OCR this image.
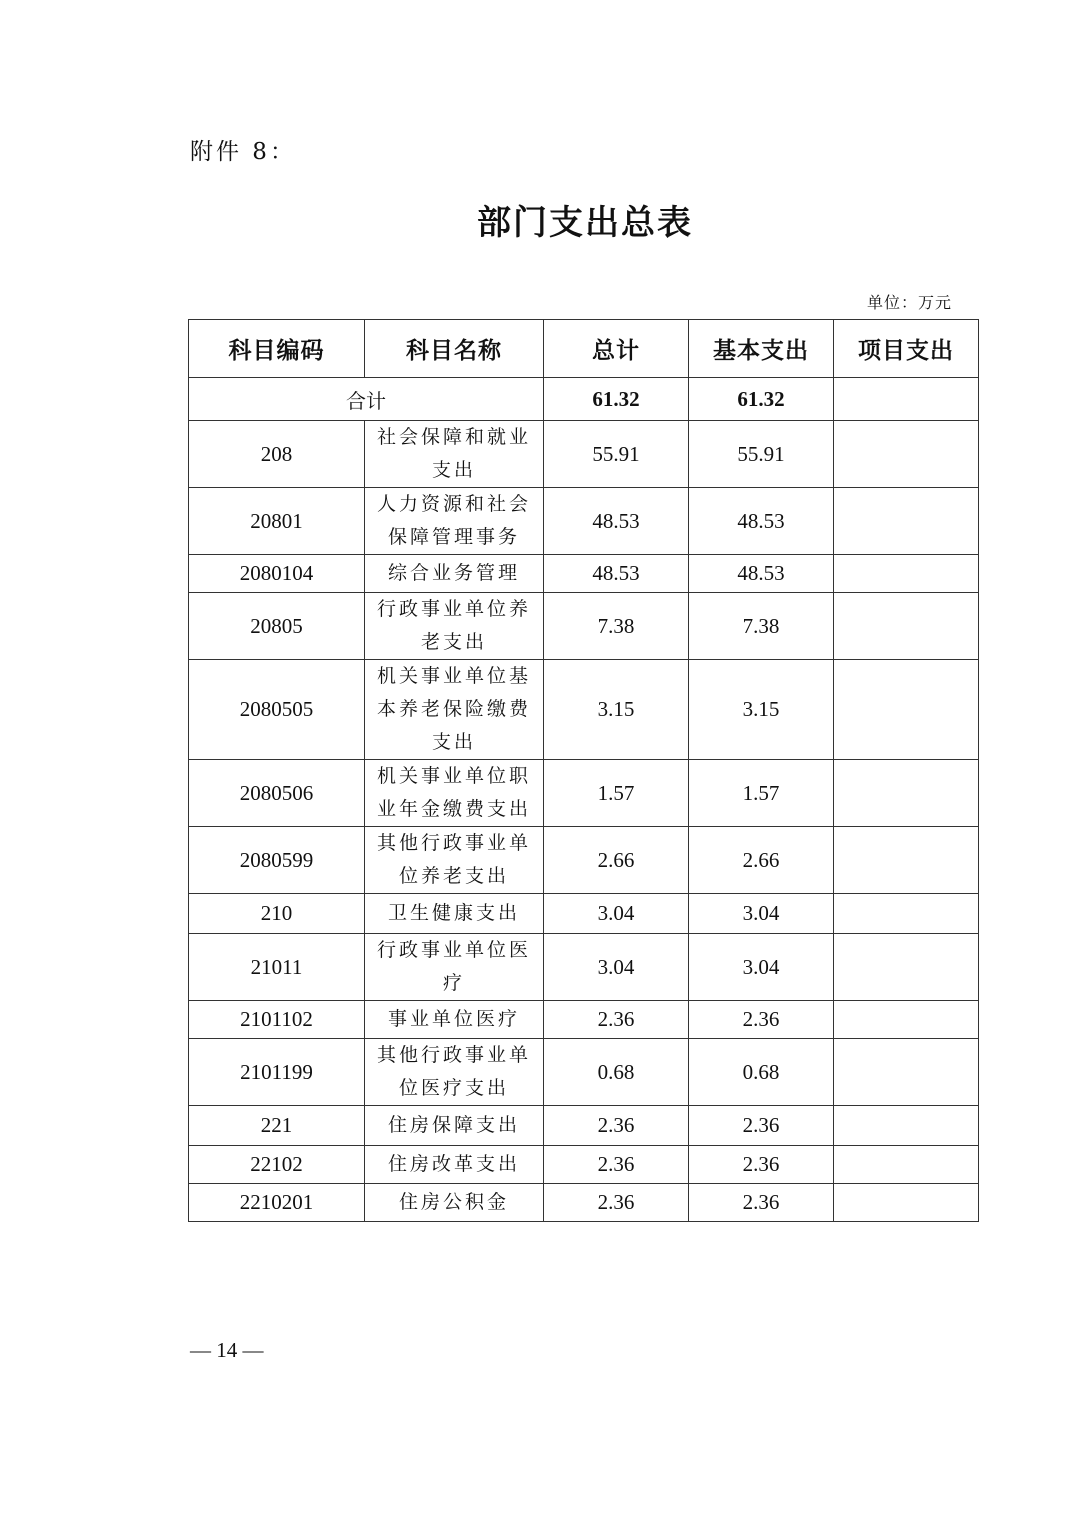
附件 8：
部门支出总表
单位：万元
科目编码	科目名称	总计	基本支出	项目支出
合计		61.32	61.32	
208	社会保障和就业支出	55.91	55.91	
20801	人力资源和社会保障管理事务	48.53	48.53	
2080104	综合业务管理	48.53	48.53	
20805	行政事业单位养老支出	7.38	7.38	
2080505	机关事业单位基本养老保险缴费支出	3.15	3.15	
2080506	机关事业单位职业年金缴费支出	1.57	1.57	
2080599	其他行政事业单位养老支出	2.66	2.66	
210	卫生健康支出	3.04	3.04	
21011	行政事业单位医疗	3.04	3.04	
2101102	事业单位医疗	2.36	2.36	
2101199	其他行政事业单位医疗支出	0.68	0.68	
221	住房保障支出	2.36	2.36	
22102	住房改革支出	2.36	2.36	
2210201	住房公积金	2.36	2.36	
— 14 —
